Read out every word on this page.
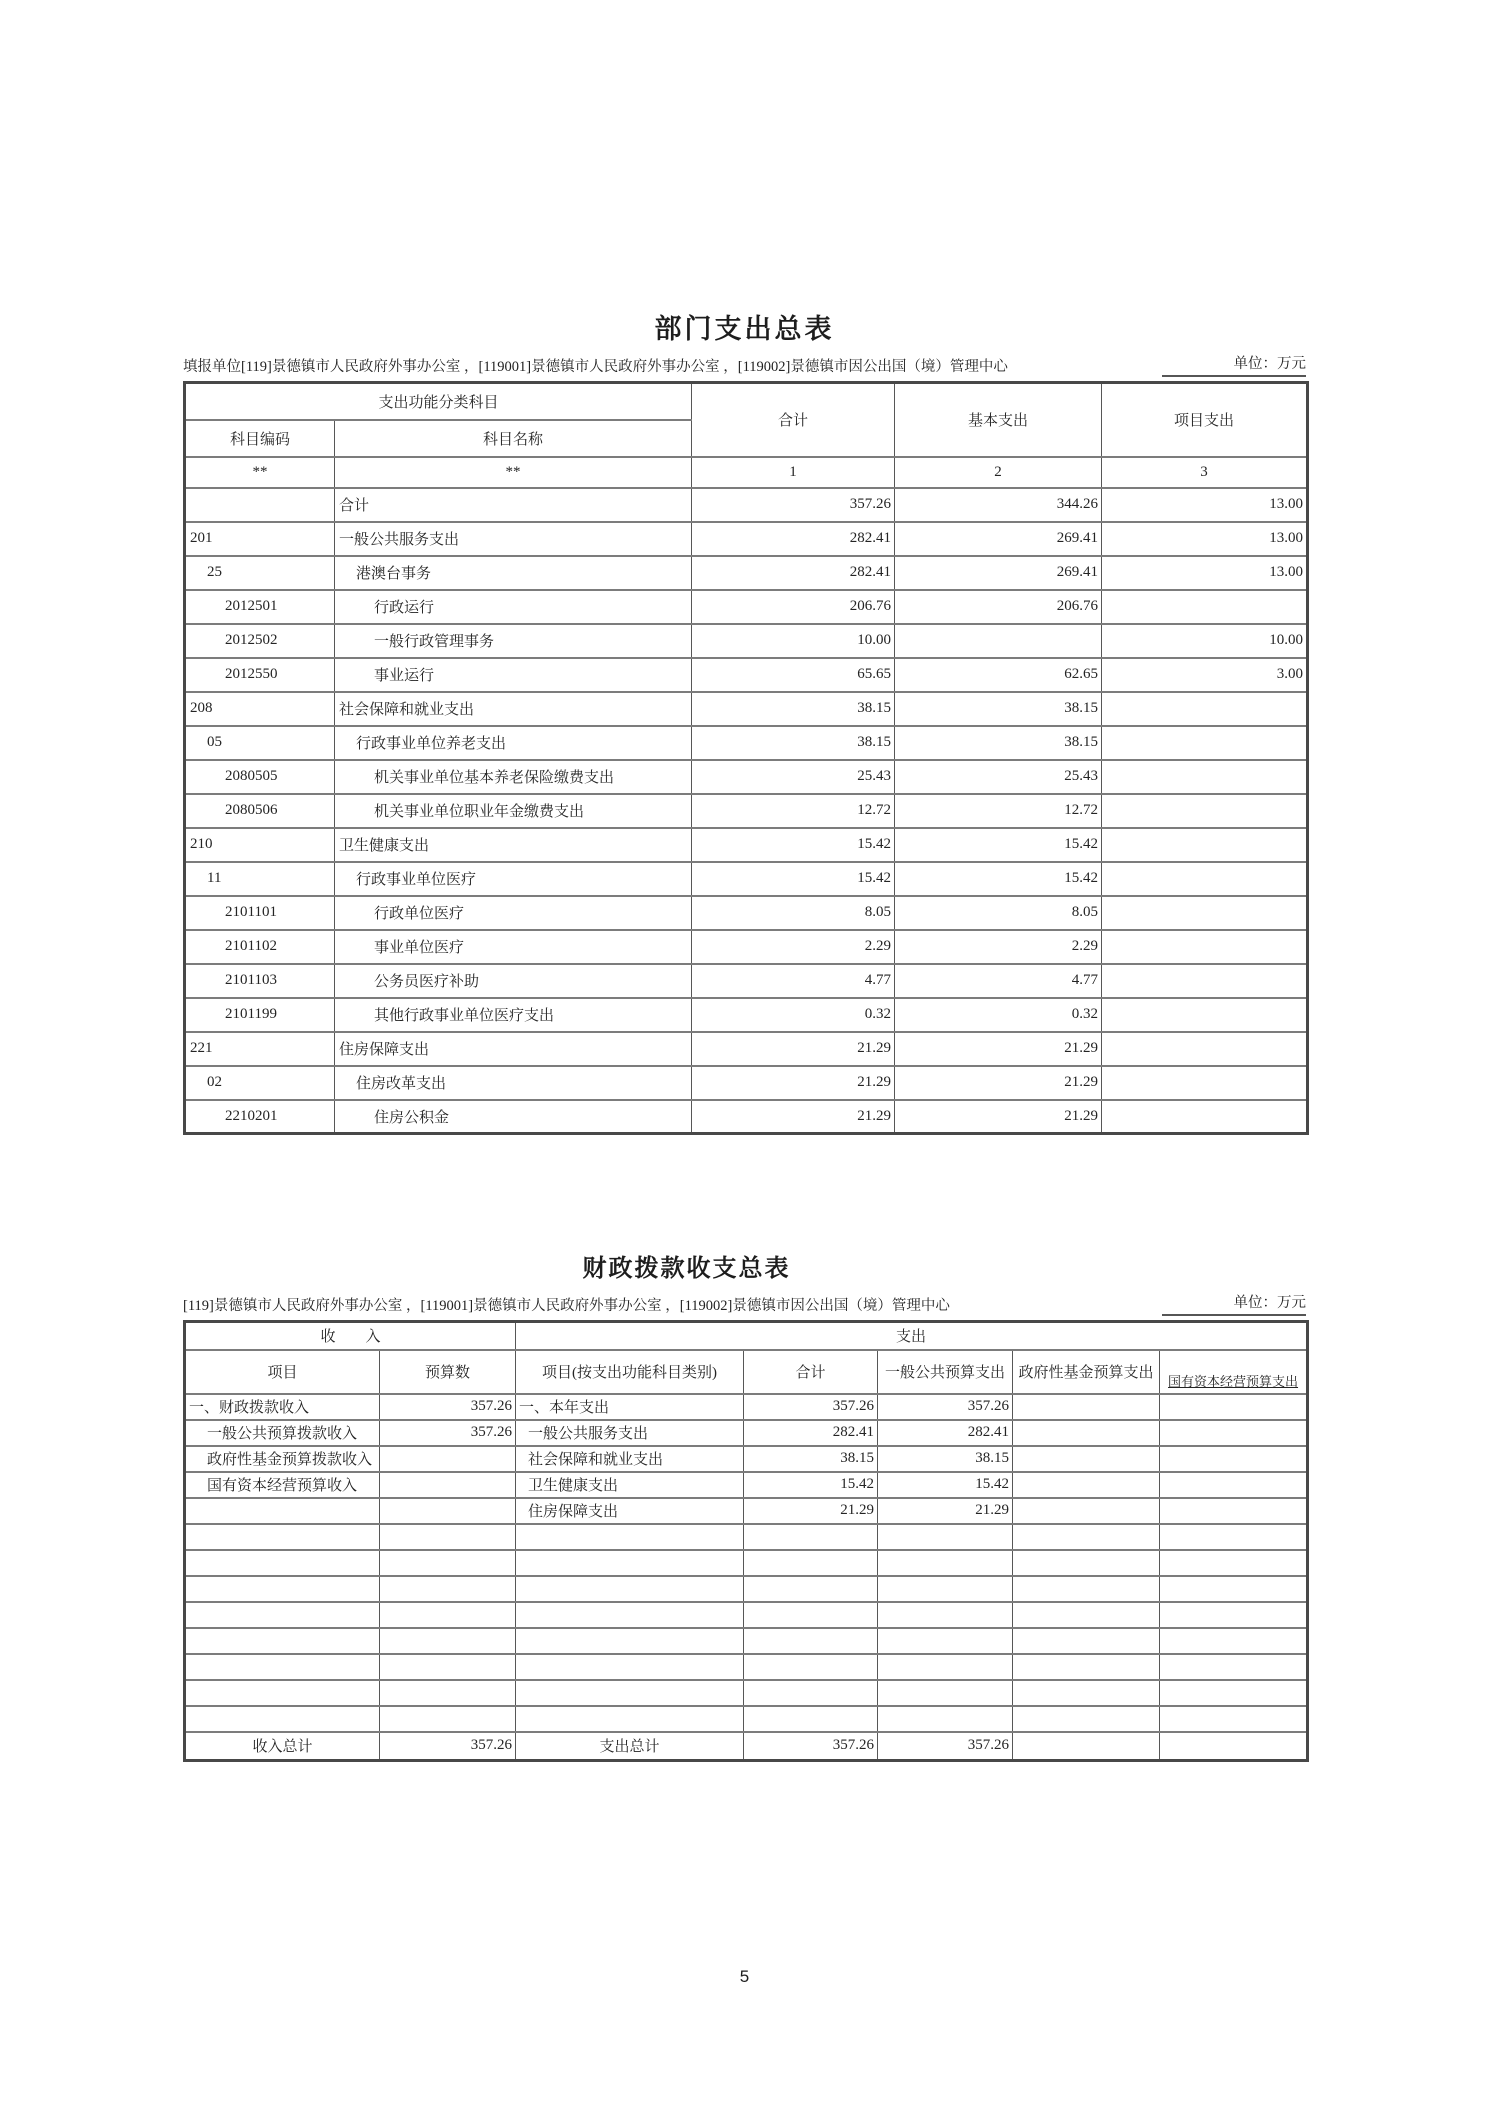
部门支出总表
填报单位[119]景德镇市人民政府外事办公室 ，[119001]景德镇市人民政府外事办公室 ，[119002]景德镇市因公出国（境）管理中心	单位：万元
支出功能分类科目		合计	基本支出	项目支出
科目编码	科目名称			
**	**	1	2	3
	合计	357.26	344.26	13.00
201	一般公共服务支出	282.41	269.41	13.00
25	港澳台事务	282.41	269.41	13.00
2012501	行政运行	206.76	206.76	
2012502	一般行政管理事务	10.00		10.00
2012550	事业运行	65.65	62.65	3.00
208	社会保障和就业支出	38.15	38.15	
05	行政事业单位养老支出	38.15	38.15	
2080505	机关事业单位基本养老保险缴费支出	25.43	25.43	
2080506	机关事业单位职业年金缴费支出	12.72	12.72	
210	卫生健康支出	15.42	15.42	
11	行政事业单位医疗	15.42	15.42	
2101101	行政单位医疗	8.05	8.05	
2101102	事业单位医疗	2.29	2.29	
2101103	公务员医疗补助	4.77	4.77	
2101199	其他行政事业单位医疗支出	0.32	0.32	
221	住房保障支出	21.29	21.29	
02	住房改革支出	21.29	21.29	
2210201	住房公积金	21.29	21.29	
财政拨款收支总表
[119]景德镇市人民政府外事办公室 ，[119001]景德镇市人民政府外事办公室 ，[119002]景德镇市因公出国（境）管理中心	单位：万元
收　　入		支出				
项目	预算数	项目(按支出功能科目类别)	合计	一般公共预算支出	政府性基金预算支出	国有资本经营预算支出
一、财政拨款收入	357.26	一、本年支出	357.26	357.26		
一般公共预算拨款收入	357.26	一般公共服务支出	282.41	282.41		
政府性基金预算拨款收入		社会保障和就业支出	38.15	38.15		
国有资本经营预算收入		卫生健康支出	15.42	15.42		
		住房保障支出	21.29	21.29		

收入总计	357.26	支出总计	357.26	357.26		
5
